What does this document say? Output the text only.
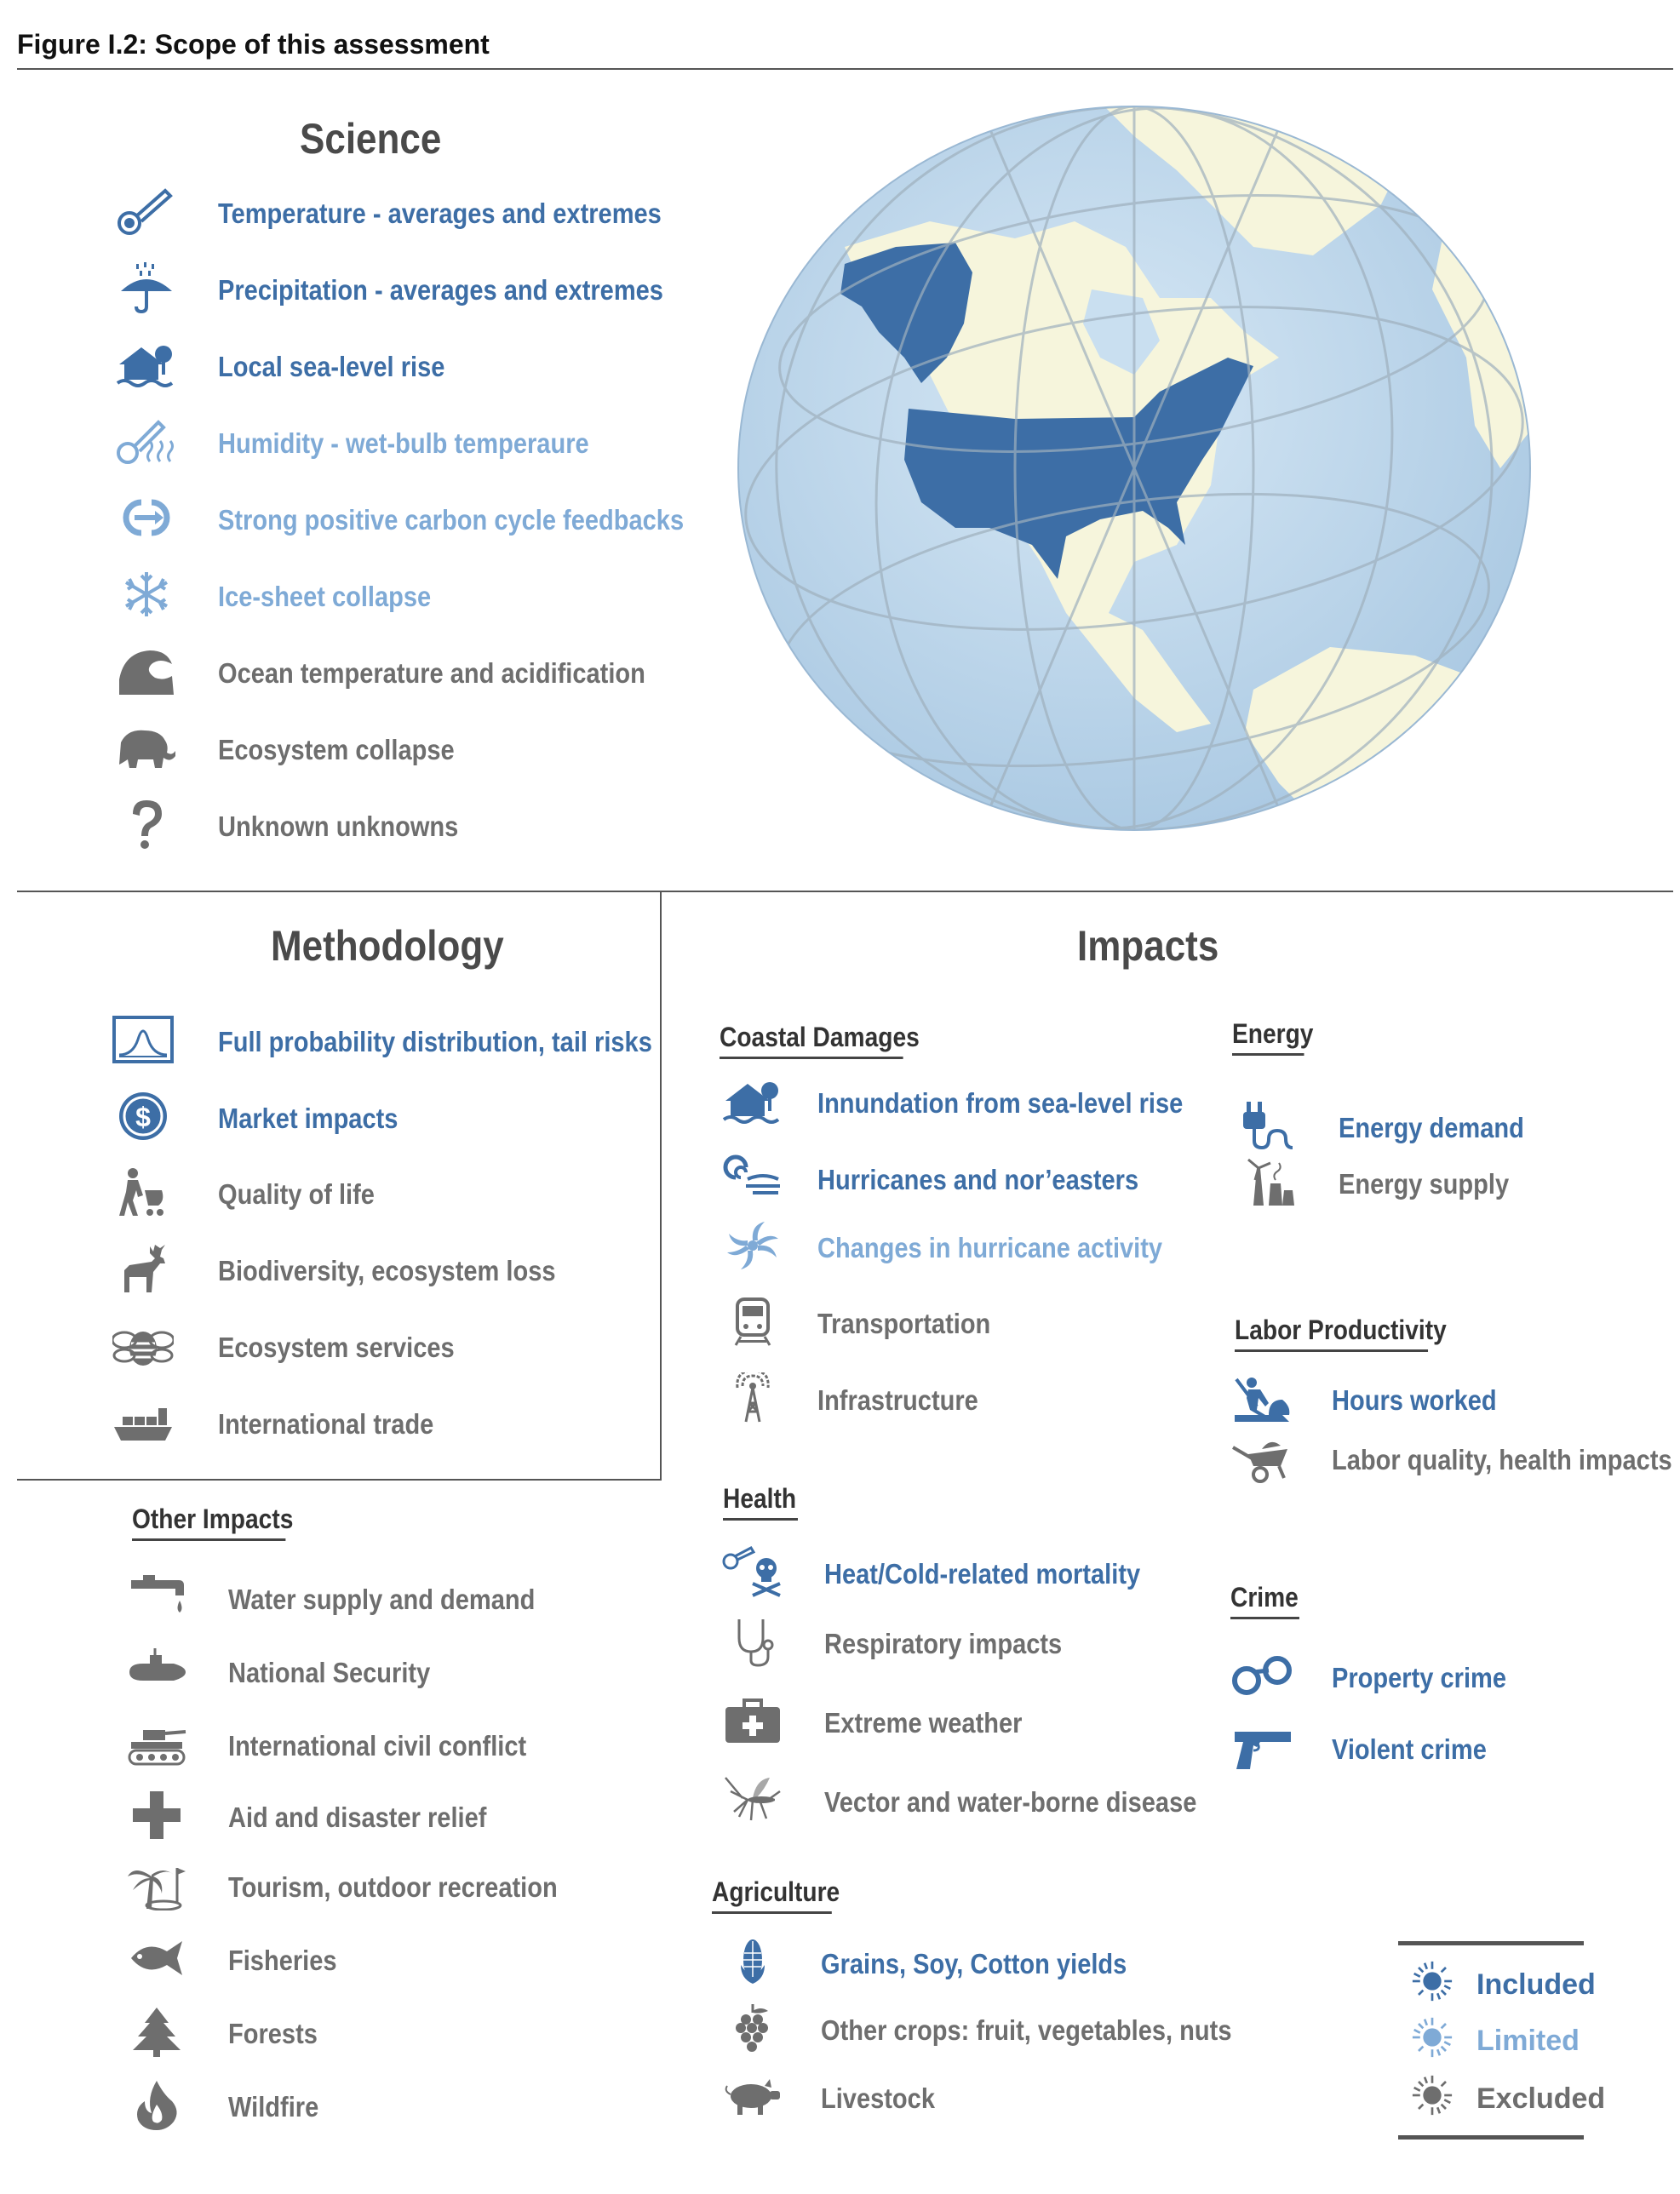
Figure I.2: Scope of this assessment
Science
Temperature - averages and extremes
Precipitation - averages and extremes
Local sea-level rise
Humidity - wet-bulb temperaure
Strong positive carbon cycle feedbacks
Ice-sheet collapse
Ocean temperature and acidification
Ecosystem collapse
Unknown unknowns
Methodology
Full probability distribution, tail risks
$ Market impacts
Quality of life
Biodiversity, ecosystem loss
Ecosystem services
International trade
Other Impacts
Water supply and demand
National Security
International civil conflict
Aid and disaster relief
Tourism, outdoor recreation
Fisheries
Forests
Wildfire
Impacts
Coastal Damages
Innundation from sea-level rise
Hurricanes and nor’easters
Changes in hurricane activity
Transportation
Infrastructure
Health
Heat/Cold-related mortality
Respiratory impacts
Extreme weather
Vector and water-borne disease
Agriculture
Grains, Soy, Cotton yields
Other crops: fruit, vegetables, nuts
Livestock
Energy
Energy demand
Energy supply
Labor Productivity
Hours worked
Labor quality, health impacts
Crime
Property crime
Violent crime
Included
Limited
Excluded
